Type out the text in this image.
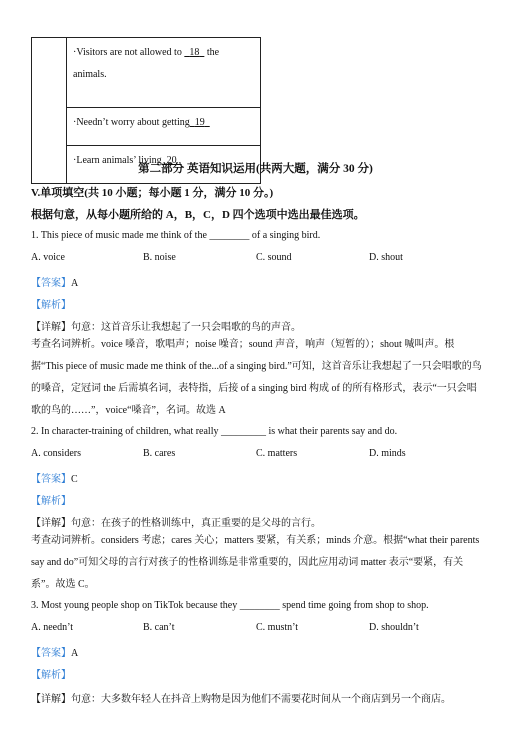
	·Visitors are not allowed to   18 the
animals.
·Needn’t worry about getting 19
·Learn animals’ living 20
第二部分 英语知识运用(共两大题，满分 30 分)
V.单项填空(共 10 小题；每小题 1 分，满分 10 分。)
根据句意，从每小题所给的 A，B，C，D 四个选项中选出最佳选项。
1. This piece of music made me think of the ________ of a singing bird.
A. voice	B. noise	C. sound	D. shout
【答案】A
【解析】
【详解】句意：这首音乐让我想起了一只会唱歌的鸟的声音。
考查名词辨析。voice 嗓音，歌唱声；noise 噪音；sound 声音，响声（短暂的）；shout 喊叫声。根据“This piece of music made me think of the...of a singing bird.”可知，这首音乐让我想起了一只会唱歌的鸟的嗓音，定冠词 the 后需填名词，表特指，后接 of a singing bird 构成 of 的所有格形式，表示“一只会唱歌的鸟的……”，voice“嗓音”，名词。故选 A
2. In character-training of children, what really _________ is what their parents say and do.
A. considers	B. cares	C. matters	D. minds
【答案】C
【解析】
【详解】句意：在孩子的性格训练中，真正重要的是父母的言行。
考查动词辨析。considers 考虑；cares 关心；matters 要紧，有关系；minds 介意。根据“what their parents say and do”可知父母的言行对孩子的性格训练是非常重要的，因此应用动词 matter 表示“要紧，有关系”。故选 C。
3. Most young people shop on TikTok because they ________ spend time going from shop to shop.
A. needn’t	B. can’t	C. mustn’t	D. shouldn’t
【答案】A
【解析】
【详解】句意：大多数年轻人在抖音上购物是因为他们不需要花时间从一个商店到另一个商店。
